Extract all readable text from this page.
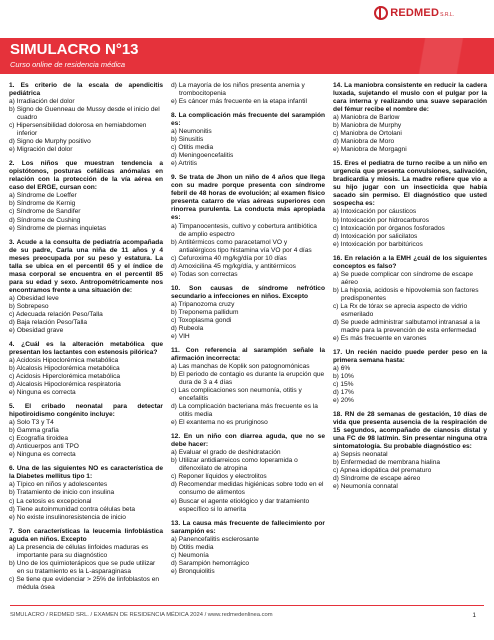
REDMED S.R.L.
SIMULACRO N°13
Curso online de residencia médica
1. Es criterio de la escala de apendicitis pediátrica
a) Irradiación del dolor
b) Signo de Guenneau de Mussy desde el inicio del cuadro
c) Hipersensibilidad dolorosa en hemiabdomen inferior
d) Signo de Murphy positivo
e) Migración del dolor
2. Los niños que muestran tendencia a opistótonos, posturas cefálicas anómalas en relación con la protección de la vía aérea en caso del ERGE, cursan con:
a) Síndrome de Loeffer
b) Síndrome de Kernig
c) Síndrome de Sandifer
d) Síndrome de Cushing
e) Síndrome de piernas inquietas
3. Acude a la consulta de pediatría acompañada de su padre, Carla una niña de 11 años y 4 meses preocupada por su peso y estatura. La talla se ubica en el percentil 65 y el índice de masa corporal se encuentra en el percentil 85 para su edad y sexo. Antropométricamente nos encontramos frente a una situación de:
a) Obesidad leve
b) Sobrepeso
c) Adecuada relación Peso/Talla
d) Baja relación Peso/Talla
e) Obesidad grave
4. ¿Cuál es la alteración metabólica que presentan los lactantes con estenosis pilórica?
a) Acidosis Hipoclorémica metabólica
b) Alcalosis Hipoclorémica metabólica
c) Acidosis Hiperclorémica metabólica
d) Alcalosis Hipoclorémica respiratoria
e) Ninguna es correcta
5. El cribado neonatal para detectar hipotiroidismo congénito incluye:
a) Solo T3 y T4
b) Gamma grafía
c) Ecografía tiroidea
d) Anticuerpos anti TPO
e) Ninguna es correcta
6. Una de las siguientes NO es característica de la Diabetes mellitus tipo 1:
a) Típico en niños y adolescentes
b) Tratamiento de inicio con insulina
c) La cetosis es excepcional
d) Tiene autoinmunidad contra células beta
e) No existe insulinoresistencia de inicio
7. Son características la leucemia linfoblástica aguda en niños. Excepto
a) La presencia de células linfoides maduras es importante para su diagnóstico
b) Uno de los quimioterápicos que se pude utilizar en su tratamiento es la L-asparaginasa
c) Se tiene que evidenciar > 25% de linfoblastos en médula ósea
d) La mayoría de los niños presenta anemia y trombocitopenia
e) Es cáncer más frecuente en la etapa infantil
8. La complicación más frecuente del sarampión es:
a) Neumonitis
b) Sinusitis
c) Otitis media
d) Meningoencefalitis
e) Artritis
9. Se trata de Jhon un niño de 4 años que llega con su madre porque presenta con síndrome febril de 48 horas de evolución; al examen físico presenta catarro de vías aéreas superiores con rinorrea purulenta. La conducta más apropiada es:
a) Timpanocentesis, cultivo y cobertura antibiótica de amplio espectro
b) Antitérmicos como paracetamol VO y antialérgicos tipo histamina vía VO por 4 días
c) Cefuroxima 40 mg/kg/día por 10 días
d) Amoxicilina 45 mg/kg/día, y antitérmicos
e) Todas son correctas
10. Son causas de síndrome nefrótico secundario a infecciones en niños. Excepto
a) Tripanozoma cruzy
b) Treponema pallidum
c) Toxoplasma gondi
d) Rubeola
e) VIH
11. Con referencia al sarampión señale la afirmación incorrecta:
a) Las manchas de Koplik son patognomónicas
b) El periodo de contagio es durante la erupción que dura de 3 a 4 días
c) Las complicaciones son neumonía, otitis y encefalitis
d) La complicación bacteriana más frecuente es la otitis media
e) El exantema no es pruriginoso
12. En un niño con diarrea aguda, que no se debe hacer:
a) Evaluar el grado de deshidratación
b) Utilizar antidiarreicos como loperamida o difenoxilato de atropina
c) Reponer líquidos y electrolitos
d) Recomendar medidas higiénicas sobre todo en el consumo de alimentos
e) Buscar el agente etiológico y dar tratamiento específico si lo amerita
13. La causa más frecuente de fallecimiento por sarampión es:
a) Panencefalitis esclerosante
b) Otitis media
c) Neumonía
d) Sarampión hemorrágico
e) Bronquiolitis
14. La maniobra consistente en reducir la cadera luxada, sujetando el muslo con el pulgar por la cara interna y realizando una suave separación del fémur recibe el nombre de:
a) Maniobra de Barlow
b) Maniobra de Murphy
c) Maniobra de Ortolani
d) Maniobra de Moro
e) Maniobra de Morgagni
15. Eres el pediatra de turno recibe a un niño en urgencia que presenta convulsiones, salivación, bradicardia y miosis. La madre refiere que vio a su hijo jugar con un insecticida que había sacado sin permiso. El diagnóstico que usted sospecha es:
a) Intoxicación por cáusticos
b) Intoxicación por hidrocarburos
c) Intoxicación por órganos fosforados
d) Intoxicación por salicilatos
e) Intoxicación por barbitúricos
16. En relación a la EMH ¿cuál de los siguientes conceptos es falso?
a) Se puede complicar con síndrome de escape aéreo
b) La hipoxia, acidosis e hipovolemia son factores predisponentes
c) La Rx de tórax se aprecia aspecto de vidrio esmerilado
d) Se puede administrar salbutamol intranasal a la madre para la prevención de esta enfermedad
e) Es más frecuente en varones
17. Un recién nacido puede perder peso en la primera semana hasta:
a) 6%
b) 10%
c) 15%
d) 17%
e) 20%
18. RN de 28 semanas de gestación, 10 días de vida que presenta ausencia de la respiración de 15 segundos, acompañado de cianosis distal y una FC de 98 lat/min. Sin presentar ninguna otra sintomatología. Su probable diagnóstico es:
a) Sepsis neonatal
b) Enfermedad de membrana hialina
c) Apnea idiopática del prematuro
d) Síndrome de escape aéreo
e) Neumonía connatal
SIMULACRO / REDMED SRL. / EXAMEN DE RESIDENCIA MÉDICA 2024 / www.redmedenlinea.com	1
